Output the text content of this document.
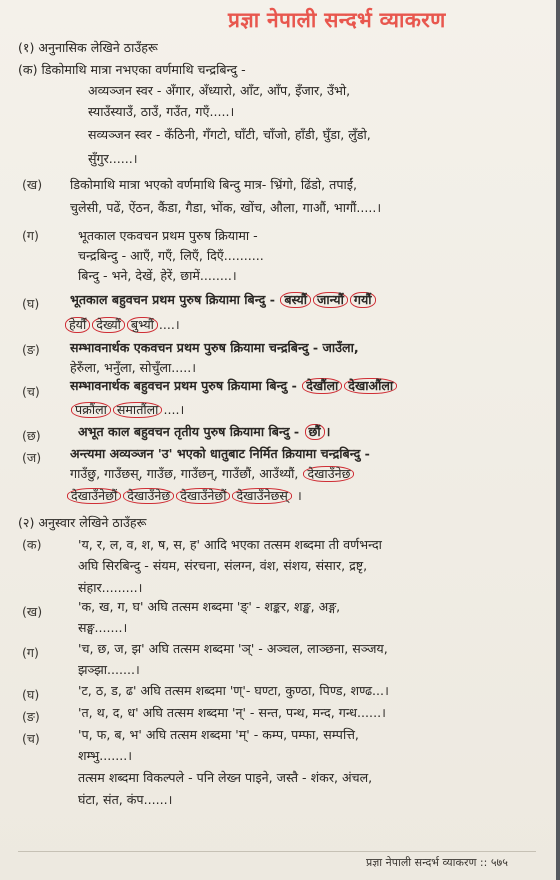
प्रज्ञा नेपाली सन्दर्भ व्याकरण
(१) अनुनासिक लेखिने ठाउँहरू
(क) डिकोमाथि मात्रा नभएका वर्णमाथि चन्द्रबिन्दु -
अव्यञ्जन स्वर - अँगार, अँध्यारो, आँट, आँप, इँजार, उँभो,
स्याउँस्याउँ, ठाउँ, गउँत, गएँ.....।
सव्यञ्जन स्वर - कँठिनी, गँगटो, घाँटी, चाँजो, हाँडी, घुँडा, लुँडो,
सुँगुर......।
(ख)	डिकोमाथि मात्रा भएको वर्णमाथि बिन्दु मात्र- भ्रिंगो, ढिंडो, तपाईं,
चुलेसी, पढें, ऐंठन, कैंडा, गैडा, भोंक, खोंच, औला, गाऔं, भागौं.....।
(ग)	भूतकाल एकवचन प्रथम पुरुष क्रियामा -
चन्द्रबिन्दु - आएँ, गएँ, लिएँ, दिएँ..........
बिन्दु - भने, देखें, हेरें, छामें........।
(घ)	भूतकाल बहुवचन प्रथम पुरुष क्रियामा बिन्दु - बस्यौं जान्यौं गयौं
हेर्यौं देख्यौं बुभ्यौं ....।
(ङ)	सम्भावनार्थक एकवचन प्रथम पुरुष क्रियामा चन्द्रबिन्दु - जाउँला,
हेरुँला, भनुँला, सोचुँला.....।
(च)	सम्भावनार्थक बहुवचन प्रथम पुरुष क्रियामा बिन्दु - देखौंला देखाऔंला
पक्रौंला समातौंला ....।
(छ)	अभूत काल बहुवचन तृतीय पुरुष क्रियामा बिन्दु - छौं ।
(ज)	अन्त्यमा अव्यञ्जन 'उ' भएको धातुबाट निर्मित क्रियामा चन्द्रबिन्दु -
गाउँछु, गाउँछस्, गाउँछ, गाउँछन्, गाउँछौं, आउँथ्यौं, देखाउँनेछ
देखाउँनेछौं देखाउँनेछ देखाउँनेछौं देखाउँनेछस् ।
(२) अनुस्वार लेखिने ठाउँहरू
(क)	'य, र, ल, व, श, ष, स, ह' आदि भएका तत्सम शब्दमा ती वर्णभन्दा
अघि सिरबिन्दु - संयम, संरचना, संलग्न, वंश, संशय, संसार, द्रष्टृ,
संहार.........।
(ख)	'क, ख, ग, घ' अघि तत्सम शब्दमा 'ङ्' - शङ्कर, शङ्ख, अङ्ग,
सङ्घ.......।
(ग)	'च, छ, ज, झ' अघि तत्सम शब्दमा 'ञ्' - अञ्चल, लाञ्छना, सञ्जय,
झञ्झा.......।
(घ)	'ट, ठ, ड, ढ' अघि तत्सम शब्दमा 'ण्'- घण्टा, कुण्ठा, पिण्ड, शण्ढ...।
(ङ)	'त, थ, द, ध' अघि तत्सम शब्दमा 'न्' - सन्त, पन्थ, मन्द, गन्ध......।
(च)	'प, फ, ब, भ' अघि तत्सम शब्दमा 'म्' - कम्प, पम्फा, सम्पत्ति,
शम्भु.......।
तत्सम शब्दमा विकल्पले - पनि लेख्न पाइने, जस्तै - शंकर, अंचल,
घंटा, संत, कंप......।
प्रज्ञा नेपाली सन्दर्भ व्याकरण :: ५७५
